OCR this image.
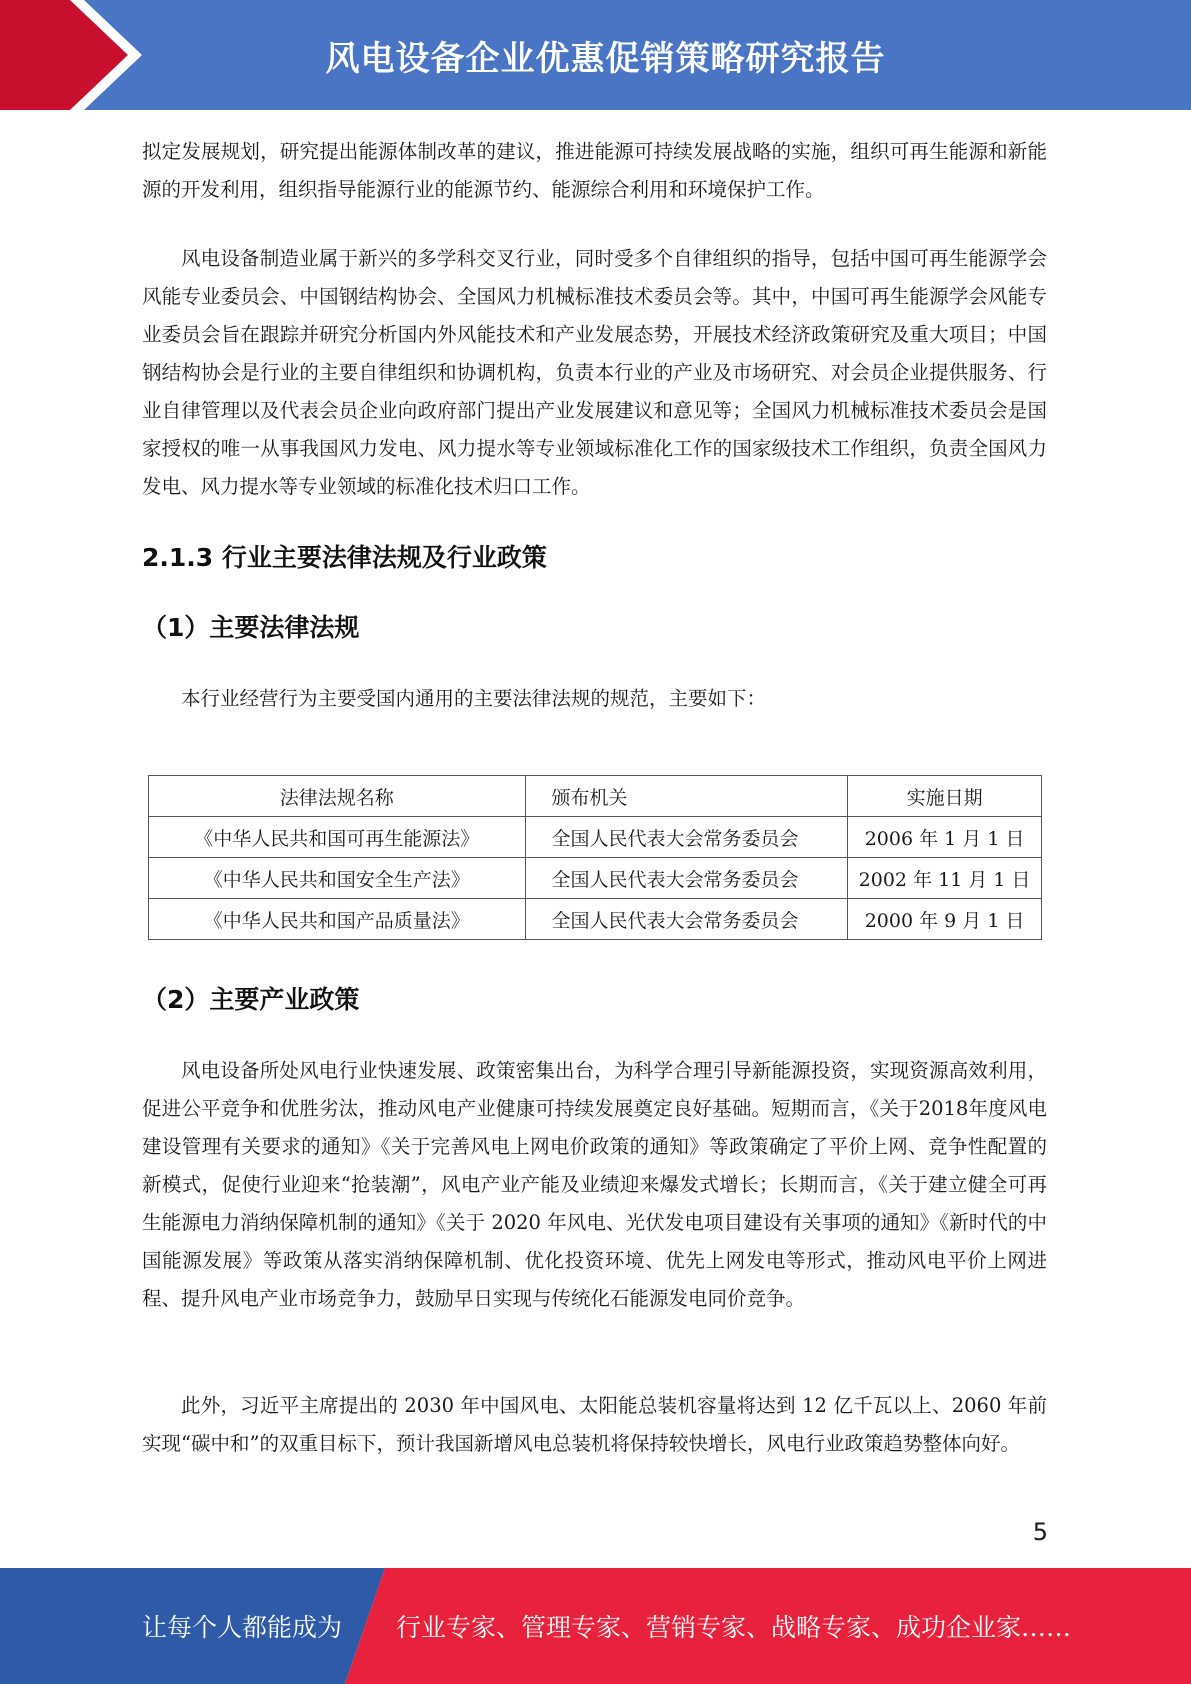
风电设备企业优惠促销策略研究报告

拟定发展规划，研究提出能源体制改革的建议，推进能源可持续发展战略的实施，组织可再生能源和新能源的开发利用，组织指导能源行业的能源节约、能源综合利用和环境保护工作。

风电设备制造业属于新兴的多学科交叉行业，同时受多个自律组织的指导，包括中国可再生能源学会风能专业委员会、中国钢结构协会、全国风力机械标准技术委员会等。其中，中国可再生能源学会风能专业委员会旨在跟踪并研究分析国内外风能技术和产业发展态势，开展技术经济政策研究及重大项目；中国钢结构协会是行业的主要自律组织和协调机构，负责本行业的产业及市场研究、对会员企业提供服务、行业自律管理以及代表会员企业向政府部门提出产业发展建议和意见等；全国风力机械标准技术委员会是国家授权的唯一从事我国风力发电、风力提水等专业领域标准化工作的国家级技术工作组织，负责全国风力发电、风力提水等专业领域的标准化技术归口工作。

2.1.3 行业主要法律法规及行业政策
（1）主要法律法规

本行业经营行为主要受国内通用的主要法律法规的规范，主要如下：

法律法规名称	颁布机关	实施日期
《中华人民共和国可再生能源法》	全国人民代表大会常务委员会	2006 年 1 月 1 日
《中华人民共和国安全生产法》	全国人民代表大会常务委员会	2002 年 11 月 1 日
《中华人民共和国产品质量法》	全国人民代表大会常务委员会	2000 年 9 月 1 日
（2）主要产业政策

风电设备所处风电行业快速发展、政策密集出台，为科学合理引导新能源投资，实现资源高效利用，促进公平竞争和优胜劣汰，推动风电产业健康可持续发展奠定良好基础。短期而言，《关于2018年度风电建设管理有关要求的通知》《关于完善风电上网电价政策的通知》等政策确定了平价上网、竞争性配置的新模式，促使行业迎来“抢装潮”，风电产业产能及业绩迎来爆发式增长；长期而言，《关于建立健全可再生能源电力消纳保障机制的通知》《关于 2020 年风电、光伏发电项目建设有关事项的通知》《新时代的中国能源发展》等政策从落实消纳保障机制、优化投资环境、优先上网发电等形式，推动风电平价上网进程、提升风电产业市场竞争力，鼓励早日实现与传统化石能源发电同价竞争。

此外，习近平主席提出的 2030 年中国风电、太阳能总装机容量将达到 12 亿千瓦以上、2060 年前实现“碳中和”的双重目标下，预计我国新增风电总装机将保持较快增长，风电行业政策趋势整体向好。

5
让每个人都能成为 行业专家、管理专家、营销专家、战略专家、成功企业家……
